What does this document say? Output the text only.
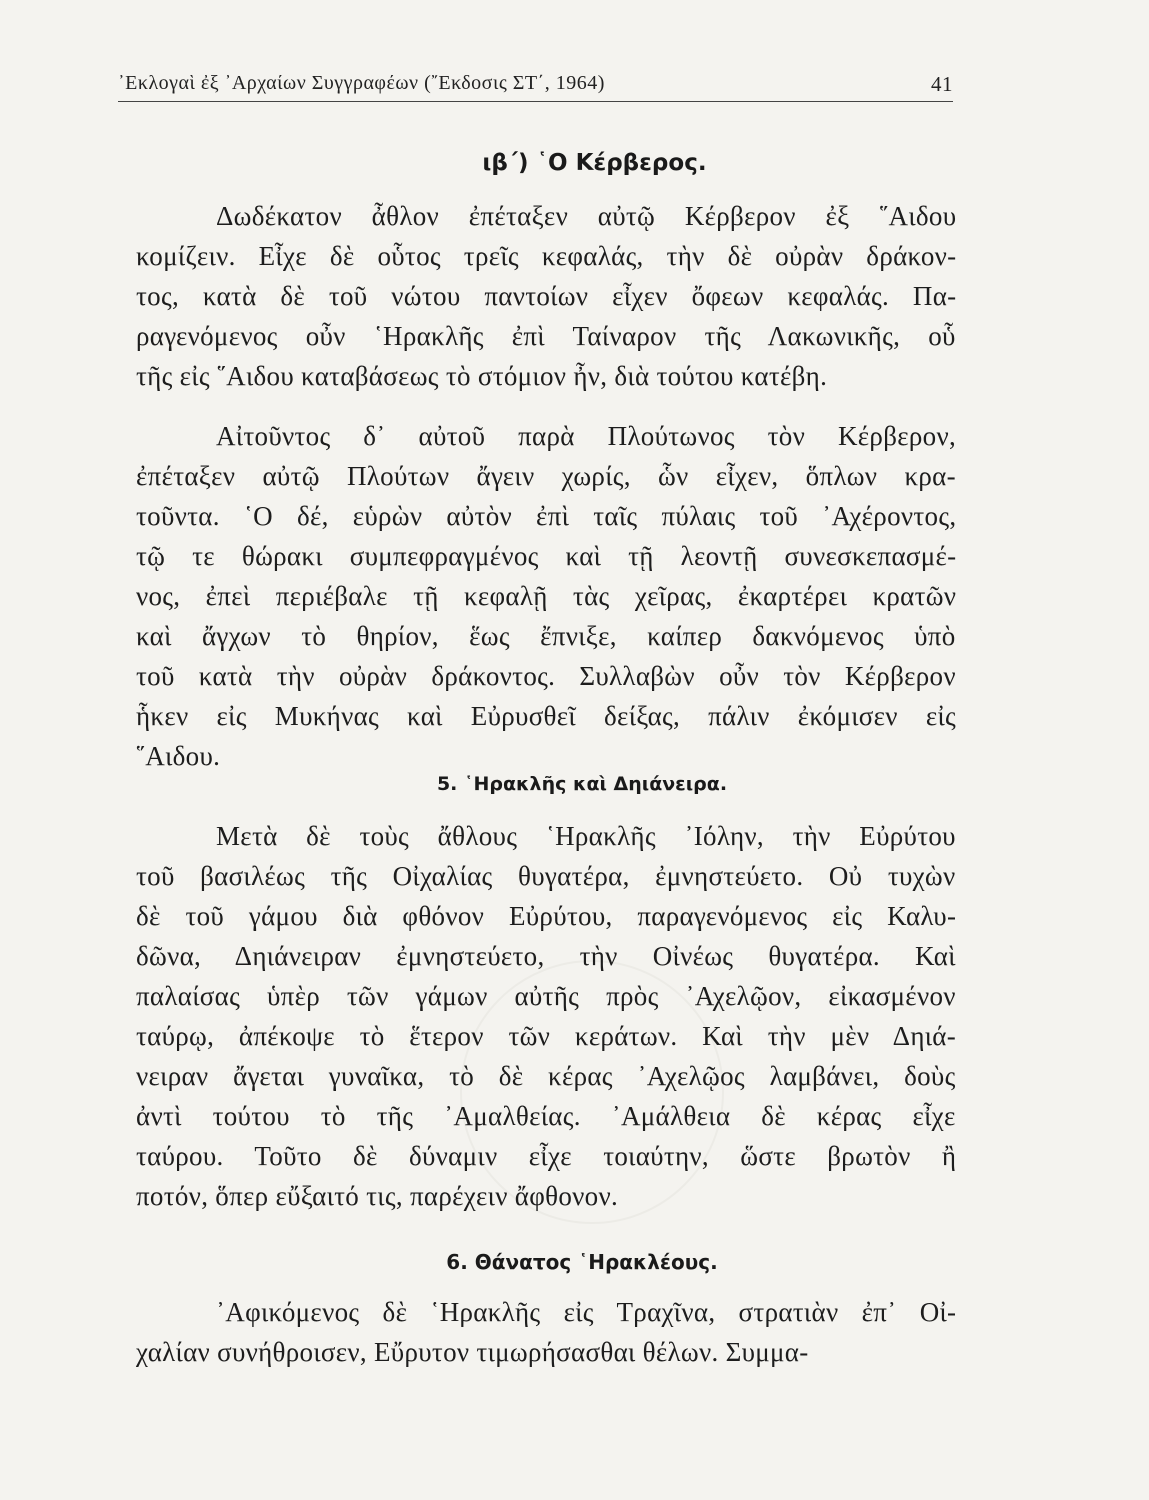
᾿Εκλογαὶ ἐξ ᾿Αρχαίων Συγγραφέων (῎Εκδοσις ΣΤ΄, 1964)	41
ιβ΄) ῾Ο Κέρβερος.
Δωδέκατον ἆθλον ἐπέταξεν αὐτῷ Κέρβερον ἐξ ῞Αιδου
κομίζειν. Εἶχε δὲ οὗτος τρεῖς κεφαλάς, τὴν δὲ οὐρὰν δράκον-
τος, κατὰ δὲ τοῦ νώτου παντοίων εἶχεν ὄφεων κεφαλάς. Πα-
ραγενόμενος οὖν ῾Ηρακλῆς ἐπὶ Ταίναρον τῆς Λακωνικῆς, οὗ
τῆς εἰς ῞Αιδου καταβάσεως τὸ στόμιον ἦν, διὰ τούτου κατέβη.
Αἰτοῦντος δ᾿ αὐτοῦ παρὰ Πλούτωνος τὸν Κέρβερον,
ἐπέταξεν αὐτῷ Πλούτων ἄγειν χωρίς, ὧν εἶχεν, ὅπλων κρα-
τοῦντα. ῾Ο δέ, εὑρὼν αὐτὸν ἐπὶ ταῖς πύλαις τοῦ ᾿Αχέροντος,
τῷ τε θώρακι συμπεφραγμένος καὶ τῇ λεοντῇ συνεσκεπασμέ-
νος, ἐπεὶ περιέβαλε τῇ κεφαλῇ τὰς χεῖρας, ἐκαρτέρει κρατῶν
καὶ ἄγχων τὸ θηρίον, ἕως ἔπνιξε, καίπερ δακνόμενος ὑπὸ
τοῦ κατὰ τὴν οὐρὰν δράκοντος. Συλλαβὼν οὖν τὸν Κέρβερον
ἧκεν εἰς Μυκήνας καὶ Εὐρυσθεῖ δείξας, πάλιν ἐκόμισεν εἰς
῞Αιδου.
5. ῾Ηρακλῆς καὶ Δηιάνειρα.
Μετὰ δὲ τοὺς ἄθλους ῾Ηρακλῆς ᾿Ιόλην, τὴν Εὐρύτου
τοῦ βασιλέως τῆς Οἰχαλίας θυγατέρα, ἐμνηστεύετο. Οὐ τυχὼν
δὲ τοῦ γάμου διὰ φθόνον Εὐρύτου, παραγενόμενος εἰς Καλυ-
δῶνα, Δηιάνειραν ἐμνηστεύετο, τὴν Οἰνέως θυγατέρα. Καὶ
παλαίσας ὑπὲρ τῶν γάμων αὐτῆς πρὸς ᾿Αχελῷον, εἰκασμένον
ταύρῳ, ἀπέκοψε τὸ ἕτερον τῶν κεράτων. Καὶ τὴν μὲν Δηιά-
νειραν ἄγεται γυναῖκα, τὸ δὲ κέρας ᾿Αχελῷος λαμβάνει, δοὺς
ἀντὶ τούτου τὸ τῆς ᾿Αμαλθείας. ᾿Αμάλθεια δὲ κέρας εἶχε
ταύρου. Τοῦτο δὲ δύναμιν εἶχε τοιαύτην, ὥστε βρωτὸν ἢ
ποτόν, ὅπερ εὔξαιτό τις, παρέχειν ἄφθονον.
6. Θάνατος ῾Ηρακλέους.
᾿Αφικόμενος δὲ ῾Ηρακλῆς εἰς Τραχῖνα, στρατιὰν ἐπ᾿ Οἰ-
χαλίαν συνήθροισεν, Εὔρυτον τιμωρήσασθαι θέλων. Συμμα-
